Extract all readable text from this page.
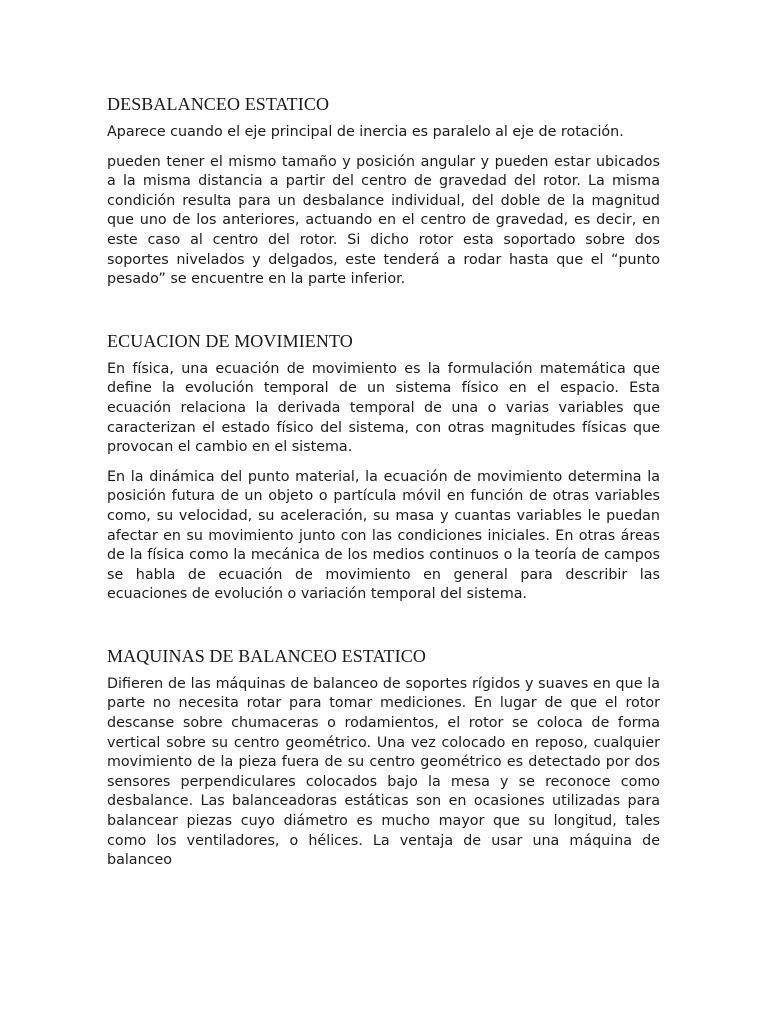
DESBALANCEO ESTATICO

Aparece cuando el eje principal de inercia es paralelo al eje de rotación.

pueden tener el mismo tamaño y posición angular y pueden estar ubicados a la misma distancia a partir del centro de gravedad del rotor. La misma condición resulta para un desbalance individual, del doble de la magnitud que uno de los anteriores, actuando en el centro de gravedad, es decir, en este caso al centro del rotor. Si dicho rotor esta soportado sobre dos soportes nivelados y delgados, este tenderá a rodar hasta que el “punto pesado” se encuentre en la parte inferior.

ECUACION DE MOVIMIENTO

En física, una ecuación de movimiento es la formulación matemática que define la evolución temporal de un sistema físico en el espacio. Esta ecuación relaciona la derivada temporal de una o varias variables que caracterizan el estado físico del sistema, con otras magnitudes físicas que provocan el cambio en el sistema.

En la dinámica del punto material, la ecuación de movimiento determina la posición futura de un objeto o partícula móvil en función de otras variables como, su velocidad, su aceleración, su masa y cuantas variables le puedan afectar en su movimiento junto con las condiciones iniciales. En otras áreas de la física como la mecánica de los medios continuos o la teoría de campos se habla de ecuación de movimiento en general para describir las ecuaciones de evolución o variación temporal del sistema.

MAQUINAS DE BALANCEO ESTATICO

Difieren de las máquinas de balanceo de soportes rígidos y suaves en que la parte no necesita rotar para tomar mediciones. En lugar de que el rotor descanse sobre chumaceras o rodamientos, el rotor se coloca de forma vertical sobre su centro geométrico. Una vez colocado en reposo, cualquier movimiento de la pieza fuera de su centro geométrico es detectado por dos sensores perpendiculares colocados bajo la mesa y se reconoce como desbalance. Las balanceadoras estáticas son en ocasiones utilizadas para balancear piezas cuyo diámetro es mucho mayor que su longitud, tales como los ventiladores, o hélices. La ventaja de usar una máquina de balanceo
